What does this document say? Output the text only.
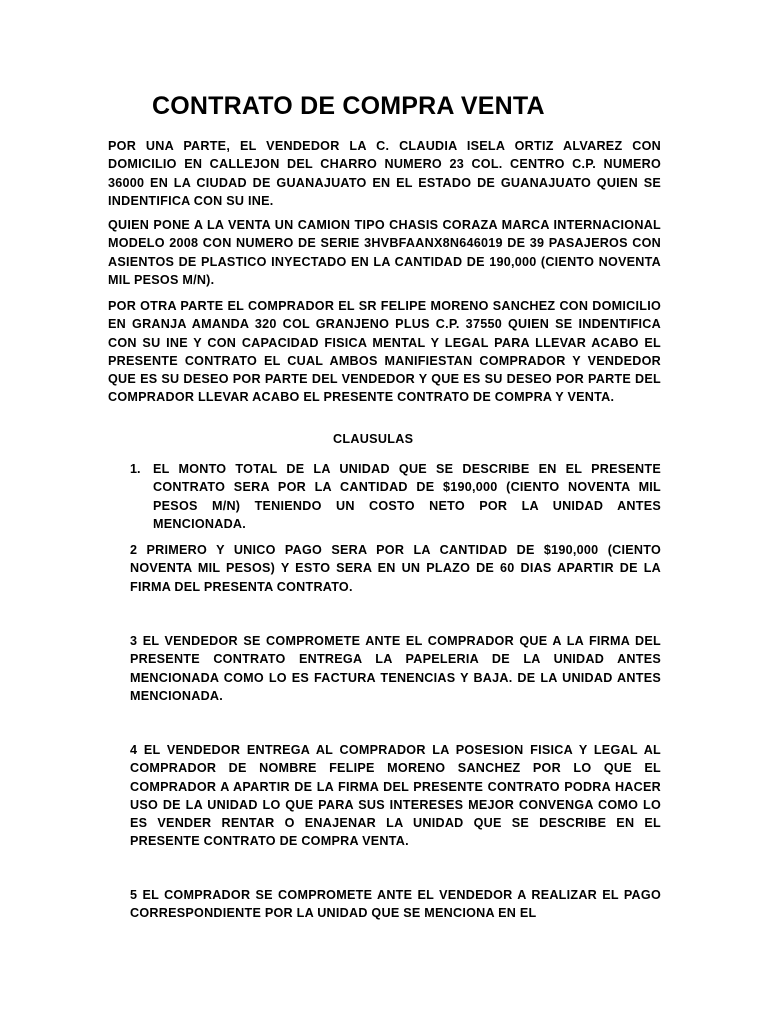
CONTRATO DE COMPRA VENTA

POR UNA PARTE, EL VENDEDOR LA C. CLAUDIA ISELA ORTIZ ALVAREZ CON DOMICILIO EN CALLEJON DEL CHARRO NUMERO 23 COL. CENTRO C.P. NUMERO 36000 EN LA CIUDAD DE GUANAJUATO EN EL ESTADO DE GUANAJUATO QUIEN SE INDENTIFICA CON SU INE.

QUIEN PONE A LA VENTA UN CAMION TIPO CHASIS CORAZA MARCA INTERNACIONAL MODELO 2008 CON NUMERO DE SERIE 3HVBFAANX8N646019 DE 39 PASAJEROS CON ASIENTOS DE PLASTICO INYECTADO EN LA CANTIDAD DE 190,000 (CIENTO NOVENTA MIL PESOS M/N).

POR OTRA PARTE EL COMPRADOR EL SR FELIPE MORENO SANCHEZ CON DOMICILIO EN GRANJA AMANDA 320 COL GRANJENO PLUS C.P. 37550 QUIEN SE INDENTIFICA CON SU INE Y CON CAPACIDAD FISICA MENTAL Y LEGAL PARA LLEVAR ACABO EL PRESENTE CONTRATO EL CUAL AMBOS MANIFIESTAN COMPRADOR Y VENDEDOR QUE ES SU DESEO POR PARTE DEL VENDEDOR Y QUE ES SU DESEO POR PARTE DEL COMPRADOR LLEVAR ACABO EL PRESENTE CONTRATO DE COMPRA Y VENTA.

CLAUSULAS
1. EL MONTO TOTAL DE LA UNIDAD QUE SE DESCRIBE EN EL PRESENTE CONTRATO SERA POR LA CANTIDAD DE $190,000 (CIENTO NOVENTA MIL PESOS M/N) TENIENDO UN COSTO NETO POR LA UNIDAD ANTES MENCIONADA.

2 PRIMERO Y UNICO PAGO SERA POR LA CANTIDAD DE $190,000 (CIENTO NOVENTA MIL PESOS) Y ESTO SERA EN UN PLAZO DE 60 DIAS APARTIR DE LA FIRMA DEL PRESENTA CONTRATO.

3 EL VENDEDOR SE COMPROMETE ANTE EL COMPRADOR QUE A LA FIRMA DEL PRESENTE CONTRATO ENTREGA LA PAPELERIA DE LA UNIDAD ANTES MENCIONADA COMO LO ES FACTURA TENENCIAS Y BAJA. DE LA UNIDAD ANTES MENCIONADA.

4 EL VENDEDOR ENTREGA AL COMPRADOR LA POSESION FISICA Y LEGAL AL COMPRADOR DE NOMBRE FELIPE MORENO SANCHEZ POR LO QUE EL COMPRADOR A APARTIR DE LA FIRMA DEL PRESENTE CONTRATO PODRA HACER USO DE LA UNIDAD LO QUE PARA SUS INTERESES MEJOR CONVENGA COMO LO ES VENDER RENTAR O ENAJENAR LA UNIDAD QUE SE DESCRIBE EN EL PRESENTE CONTRATO DE COMPRA VENTA.

5 EL COMPRADOR SE COMPROMETE ANTE EL VENDEDOR A REALIZAR EL PAGO CORRESPONDIENTE POR LA UNIDAD QUE SE MENCIONA EN EL
